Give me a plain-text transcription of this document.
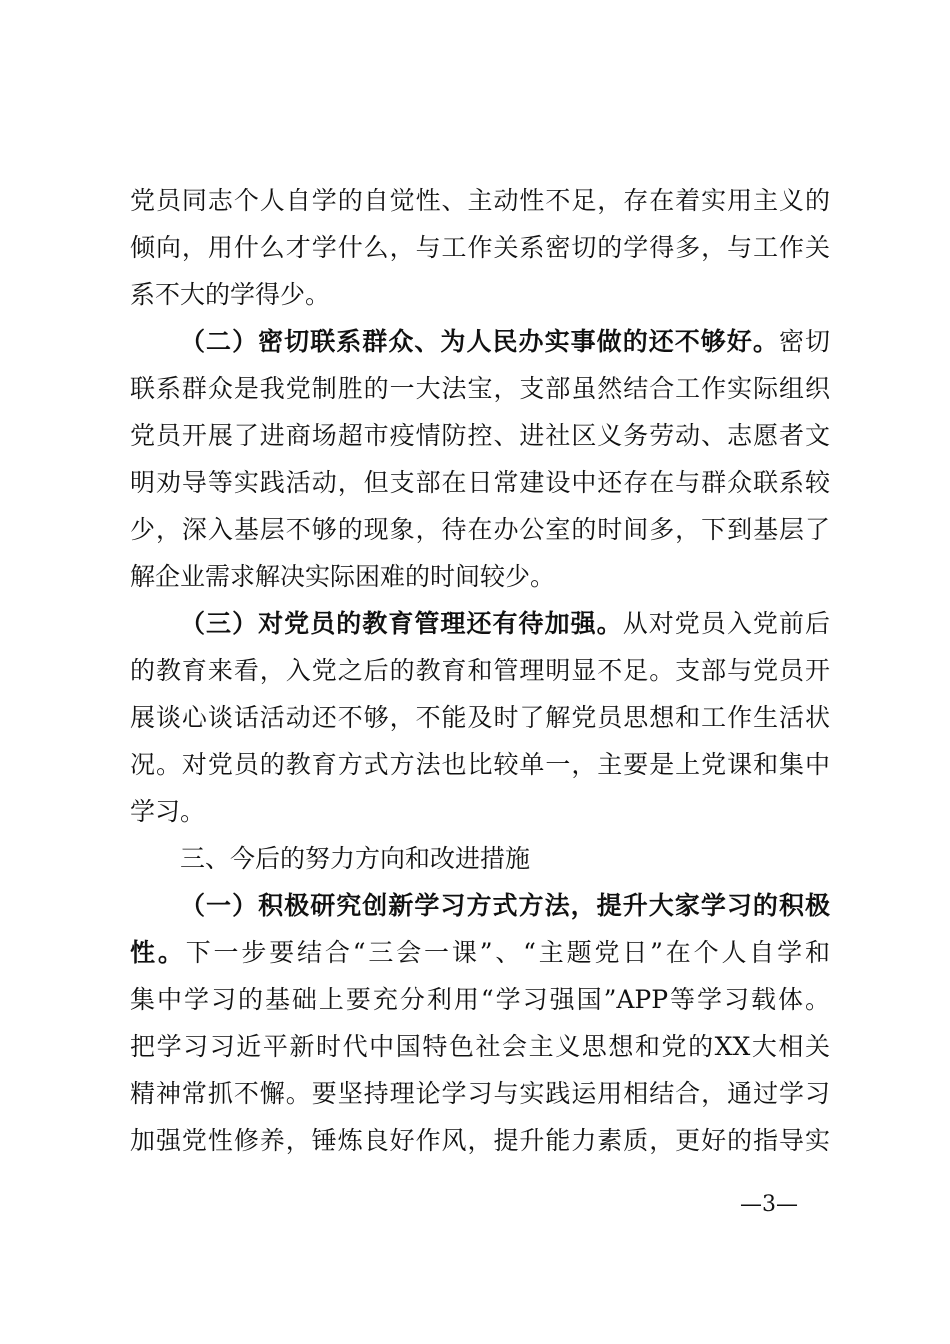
党员同志个人自学的自觉性、主动性不足，存在着实用主义的
倾向，用什么才学什么，与工作关系密切的学得多，与工作关
系不大的学得少。
（二）密切联系群众、为人民办实事做的还不够好。密切
联系群众是我党制胜的一大法宝，支部虽然结合工作实际组织
党员开展了进商场超市疫情防控、进社区义务劳动、志愿者文
明劝导等实践活动，但支部在日常建设中还存在与群众联系较
少，深入基层不够的现象，待在办公室的时间多，下到基层了
解企业需求解决实际困难的时间较少。
（三）对党员的教育管理还有待加强。从对党员入党前后
的教育来看，入党之后的教育和管理明显不足。支部与党员开
展谈心谈话活动还不够，不能及时了解党员思想和工作生活状
况。对党员的教育方式方法也比较单一，主要是上党课和集中
学习。
三、今后的努力方向和改进措施
（一）积极研究创新学习方式方法，提升大家学习的积极
性。下一步要结合“三会一课”、“主题党日”在个人自学和
集中学习的基础上要充分利用“学习强国”APP等学习载体。
把学习习近平新时代中国特色社会主义思想和党的XX大相关
精神常抓不懈。要坚持理论学习与实践运用相结合，通过学习
加强党性修养，锤炼良好作风，提升能力素质，更好的指导实
—3—
